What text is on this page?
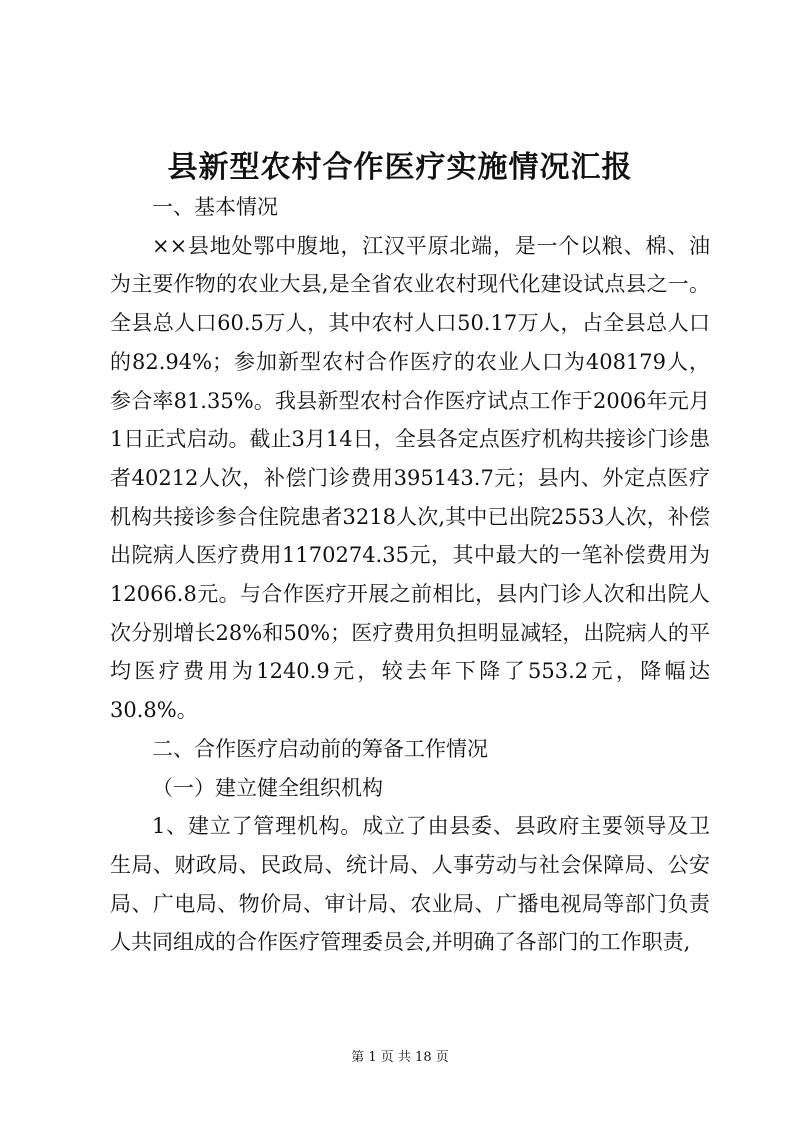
县新型农村合作医疗实施情况汇报

一、基本情况

××县地处鄂中腹地，江汉平原北端，是一个以粮、棉、油为主要作物的农业大县,是全省农业农村现代化建设试点县之一。全县总人口60.5万人，其中农村人口50.17万人，占全县总人口的82.94%；参加新型农村合作医疗的农业人口为408179人，参合率81.35%。我县新型农村合作医疗试点工作于2006年元月1日正式启动。截止3月14日，全县各定点医疗机构共接诊门诊患者40212人次，补偿门诊费用395143.7元；县内、外定点医疗机构共接诊参合住院患者3218人次,其中已出院2553人次，补偿出院病人医疗费用1170274.35元，其中最大的一笔补偿费用为12066.8元。与合作医疗开展之前相比，县内门诊人次和出院人次分别增长28%和50%；医疗费用负担明显减轻，出院病人的平均医疗费用为1240.9元，较去年下降了553.2元，降幅达30.8%。

二、合作医疗启动前的筹备工作情况

（一）建立健全组织机构

1、建立了管理机构。成立了由县委、县政府主要领导及卫生局、财政局、民政局、统计局、人事劳动与社会保障局、公安局、广电局、物价局、审计局、农业局、广播电视局等部门负责人共同组成的合作医疗管理委员会,并明确了各部门的工作职责,

第 1 页 共 18 页
